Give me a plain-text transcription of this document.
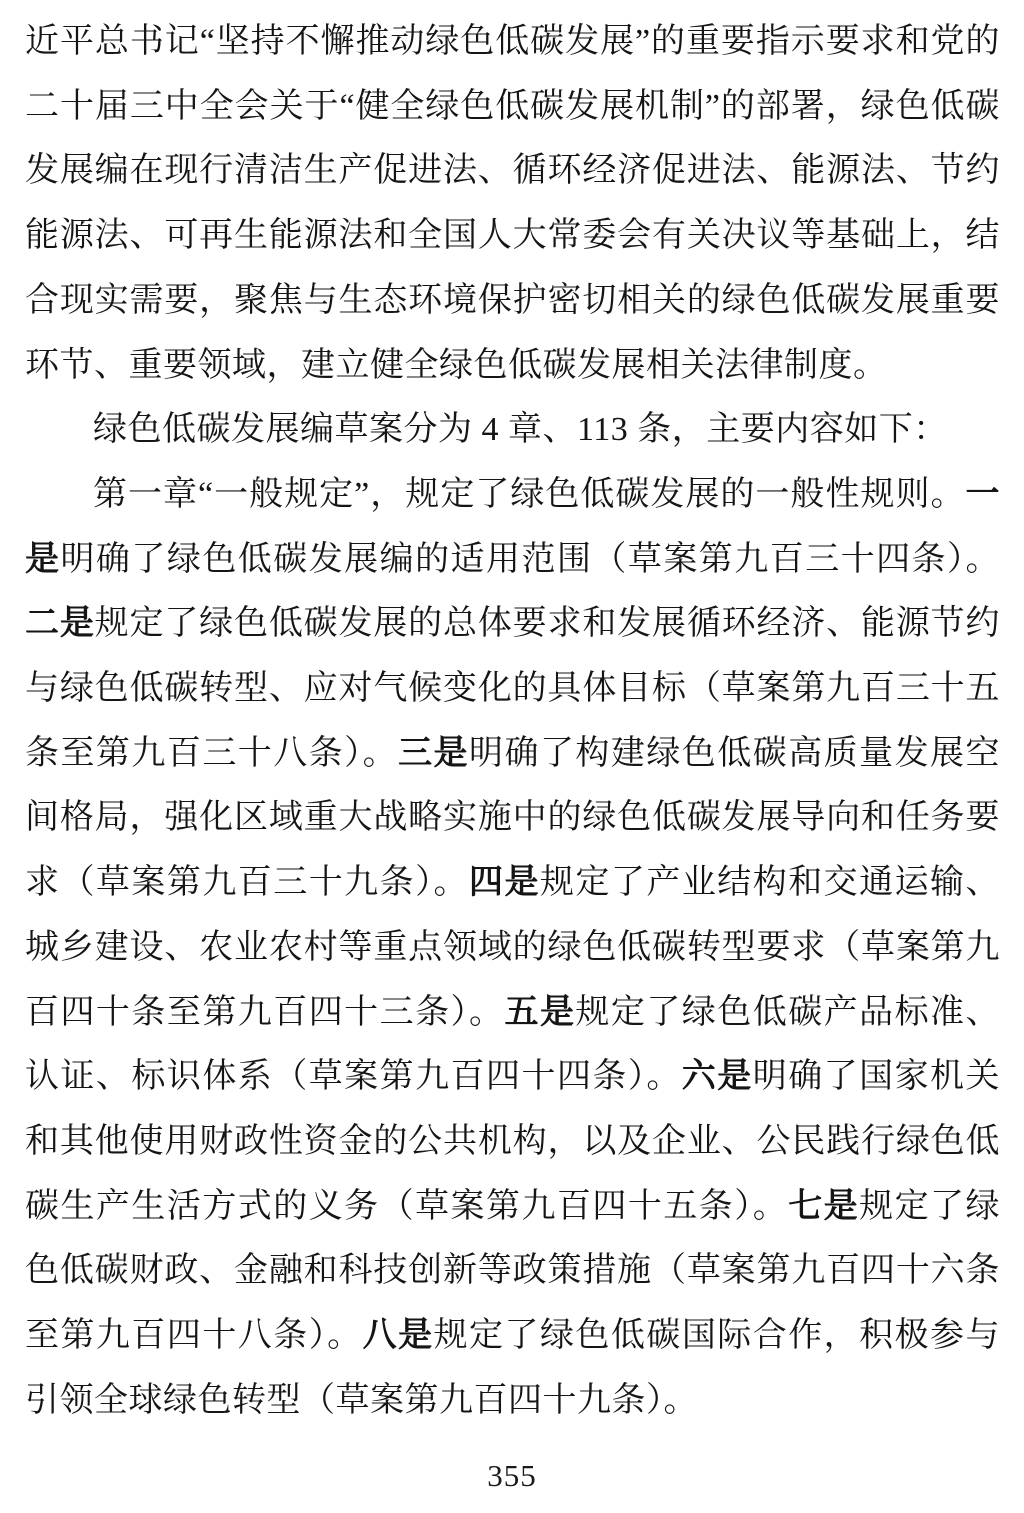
近平总书记“坚持不懈推动绿色低碳发展”的重要指示要求和党的二十届三中全会关于“健全绿色低碳发展机制”的部署，绿色低碳发展编在现行清洁生产促进法、循环经济促进法、能源法、节约能源法、可再生能源法和全国人大常委会有关决议等基础上，结合现实需要，聚焦与生态环境保护密切相关的绿色低碳发展重要环节、重要领域，建立健全绿色低碳发展相关法律制度。

绿色低碳发展编草案分为 4 章、113 条，主要内容如下：

第一章“一般规定”，规定了绿色低碳发展的一般性规则。一是明确了绿色低碳发展编的适用范围（草案第九百三十四条）。二是规定了绿色低碳发展的总体要求和发展循环经济、能源节约与绿色低碳转型、应对气候变化的具体目标（草案第九百三十五条至第九百三十八条）。三是明确了构建绿色低碳高质量发展空间格局，强化区域重大战略实施中的绿色低碳发展导向和任务要求（草案第九百三十九条）。四是规定了产业结构和交通运输、城乡建设、农业农村等重点领域的绿色低碳转型要求（草案第九百四十条至第九百四十三条）。五是规定了绿色低碳产品标准、认证、标识体系（草案第九百四十四条）。六是明确了国家机关和其他使用财政性资金的公共机构，以及企业、公民践行绿色低碳生产生活方式的义务（草案第九百四十五条）。七是规定了绿色低碳财政、金融和科技创新等政策措施（草案第九百四十六条至第九百四十八条）。八是规定了绿色低碳国际合作，积极参与引领全球绿色转型（草案第九百四十九条）。

355
